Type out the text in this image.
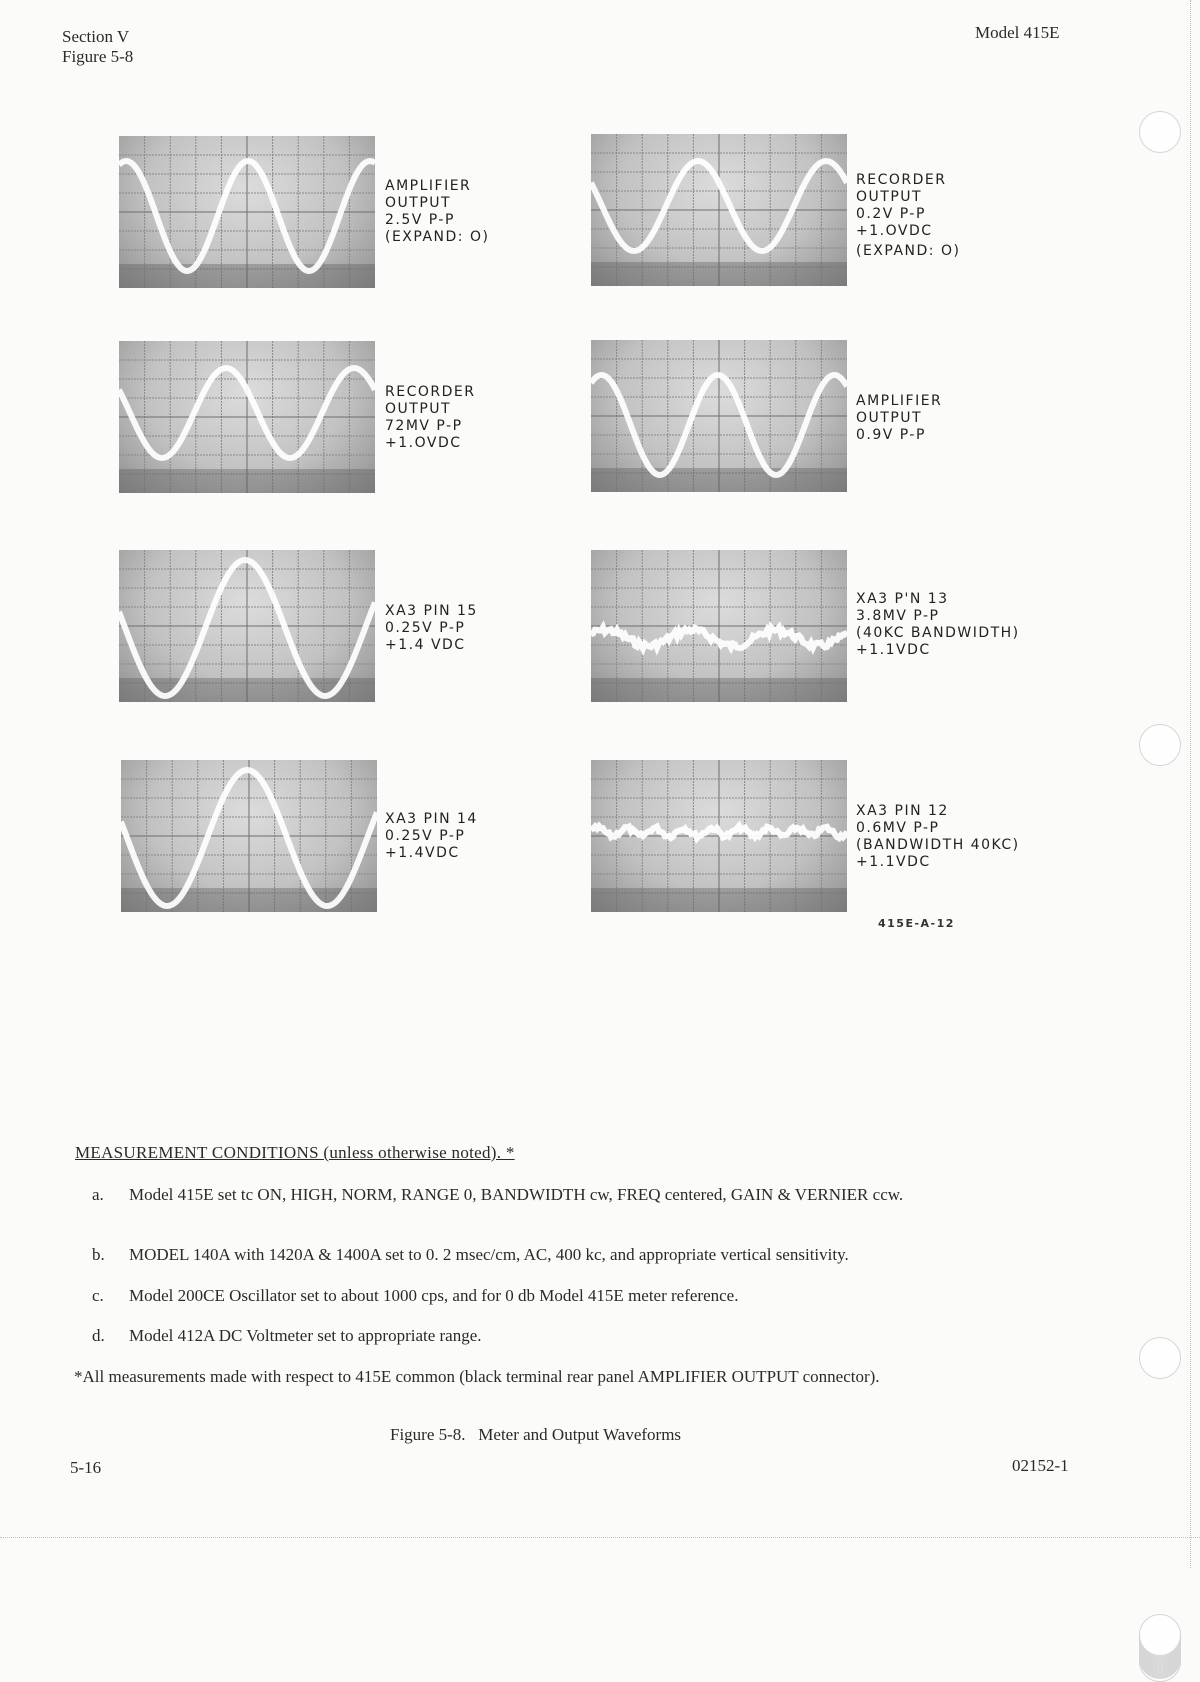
Section V
Figure 5-8
Model 415E
AMPLIFIER
OUTPUT
2.5V P-P
(EXPAND: O)
RECORDER
OUTPUT
0.2V P-P
+1.OVDC
(EXPAND: O)
RECORDER
OUTPUT
72MV P-P
+1.OVDC
AMPLIFIER
OUTPUT
0.9V P-P
XA3 PIN 15
0.25V P-P
+1.4 VDC
XA3 P'N 13
3.8MV P-P
(40KC BANDWIDTH)
+1.1VDC
XA3 PIN 14
0.25V P-P
+1.4VDC
XA3 PIN 12
0.6MV P-P
(BANDWIDTH 40KC)
+1.1VDC
415E-A-12
MEASUREMENT CONDITIONS (unless otherwise noted). *
a. Model 415E set tc ON, HIGH, NORM, RANGE 0, BANDWIDTH cw, FREQ centered, GAIN & VERNIER ccw.
b. MODEL 140A with 1420A & 1400A set to 0. 2 msec/cm, AC, 400 kc, and appropriate vertical sensitivity.
c. Model 200CE Oscillator set to about 1000 cps, and for 0 db Model 415E meter reference.
d. Model 412A DC Voltmeter set to appropriate range.
*All measurements made with respect to 415E common (black terminal rear panel AMPLIFIER OUTPUT connector).
Figure 5-8.   Meter and Output Waveforms
5-16	02152-1
